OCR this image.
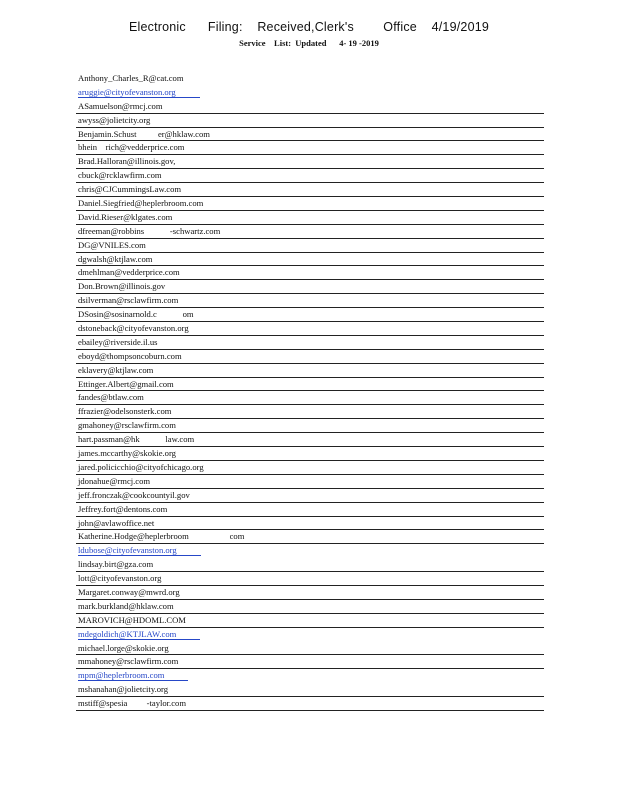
Electronic      Filing:    Received,Clerk's        Office    4/19/2019
Service    List:  Updated      4- 19 -2019
Anthony_Charles_R@cat.com
aruggie@cityofevanston.org
ASamuelson@rmcj.com
awyss@jolietcity.org
Benjamin.Schust          er@hklaw.com
bhein    rich@vedderprice.com
Brad.Halloran@illinois.gov,
cbuck@rcklawfirm.com
chris@CJCummingsLaw.com
Daniel.Siegfried@heplerbroom.com
David.Rieser@klgates.com
dfreeman@robbins            -schwartz.com
DG@VNILES.com
dgwalsh@ktjlaw.com
dmehlman@vedderprice.com
Don.Brown@illinois.gov
dsilverman@rsclawfirm.com
DSosin@sosinarnold.c            om
dstoneback@cityofevanston.org
ebailey@riverside.il.us
eboyd@thompsoncoburn.com
eklavery@ktjlaw.com
Ettinger.Albert@gmail.com
fandes@btlaw.com
ffrazier@odelsonsterk.com
gmahoney@rsclawfirm.com
hart.passman@hk            law.com
james.mccarthy@skokie.org
jared.policicchio@cityofchicago.org
jdonahue@rmcj.com
jeff.fronczak@cookcountyil.gov
Jeffrey.fort@dentons.com
john@avlawoffice.net
Katherine.Hodge@heplerbroom                   com
ldubose@cityofevanston.org
lindsay.birt@gza.com
lott@cityofevanston.org
Margaret.conway@mwrd.org
mark.burkland@hklaw.com
MAROVICH@HDOML.COM
mdegoldich@KTJLAW.com
michael.lorge@skokie.org
mmahoney@rsclawfirm.com
mpm@heplerbroom.com
mshanahan@jolietcity.org
mstiff@spesia         -taylor.com
